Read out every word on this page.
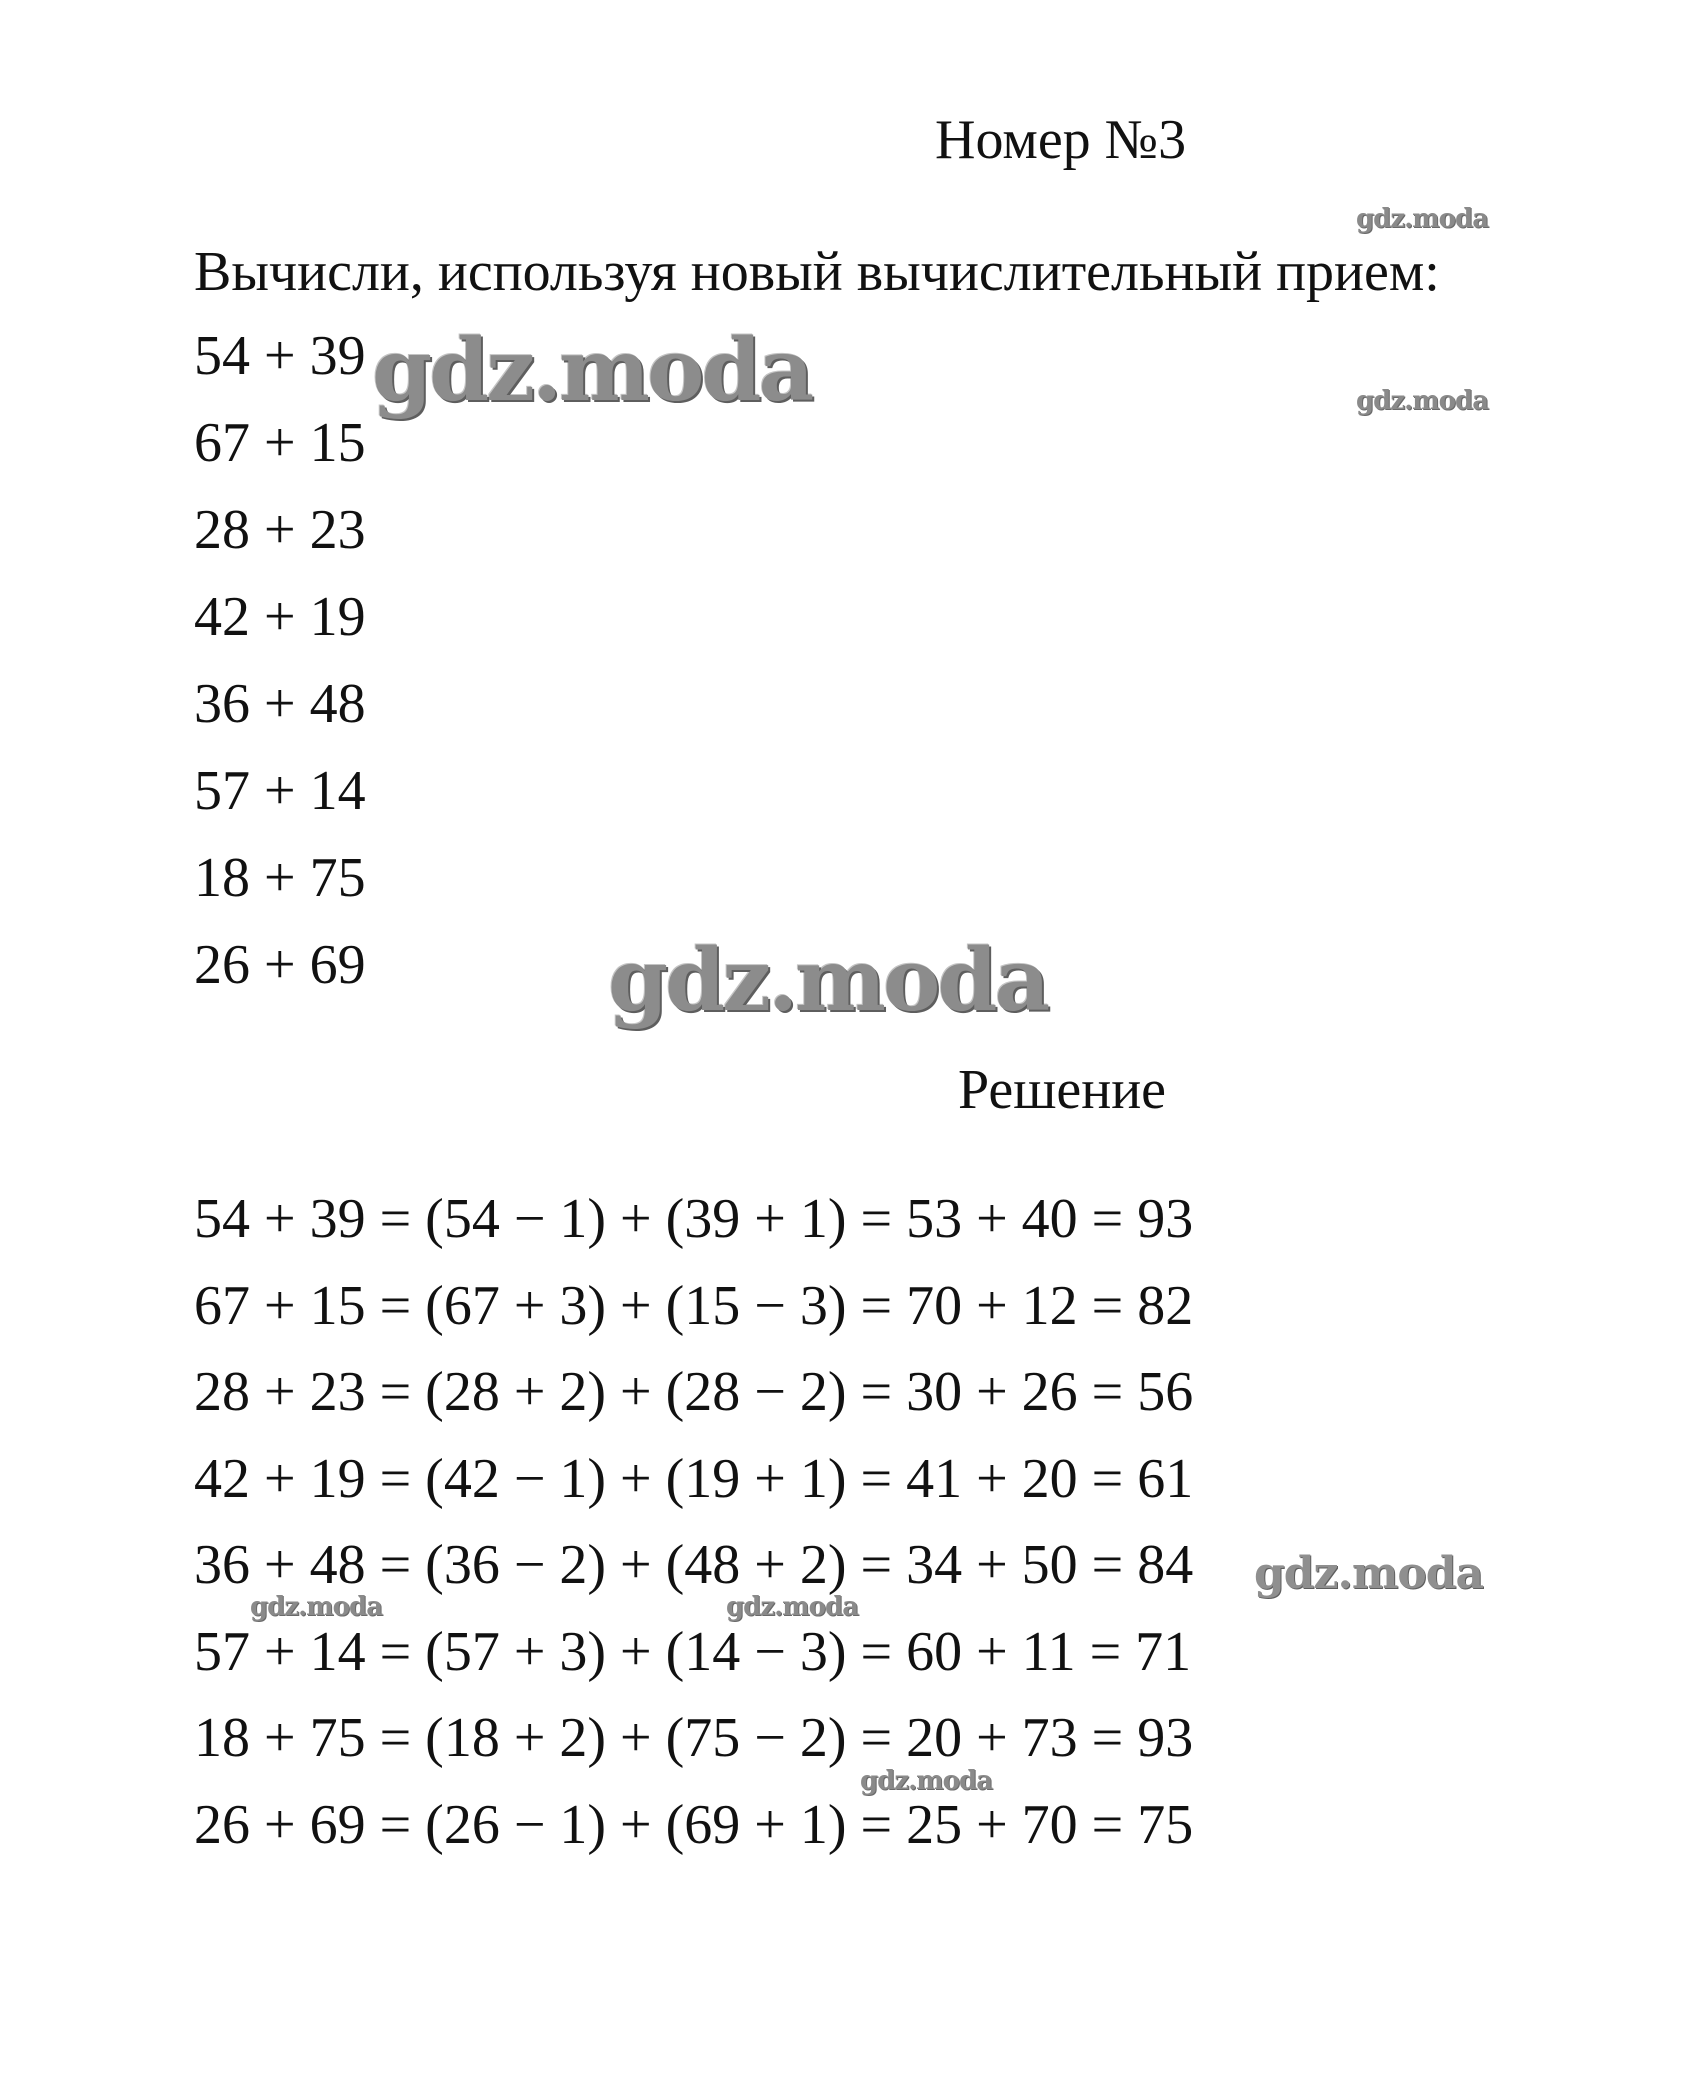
Номер №3
Вычисли, используя новый вычислительный прием:
54 + 39
67 + 15
28 + 23
42 + 19
36 + 48
57 + 14
18 + 75
26 + 69
Решение
54 + 39 = (54 − 1) + (39 + 1) = 53 + 40 = 93
67 + 15 = (67 + 3) + (15 − 3) = 70 + 12 = 82
28 + 23 = (28 + 2) + (28 − 2) = 30 + 26 = 56
42 + 19 = (42 − 1) + (19 + 1) = 41 + 20 = 61
36 + 48 = (36 − 2) + (48 + 2) = 34 + 50 = 84
57 + 14 = (57 + 3) + (14 − 3) = 60 + 11 = 71
18 + 75 = (18 + 2) + (75 − 2) = 20 + 73 = 93
26 + 69 = (26 − 1) + (69 + 1) = 25 + 70 = 75
gdz.moda
gdz.moda	gdz.moda
gdz.moda
gdz.moda
gdz.moda	gdz.moda
gdz.moda
